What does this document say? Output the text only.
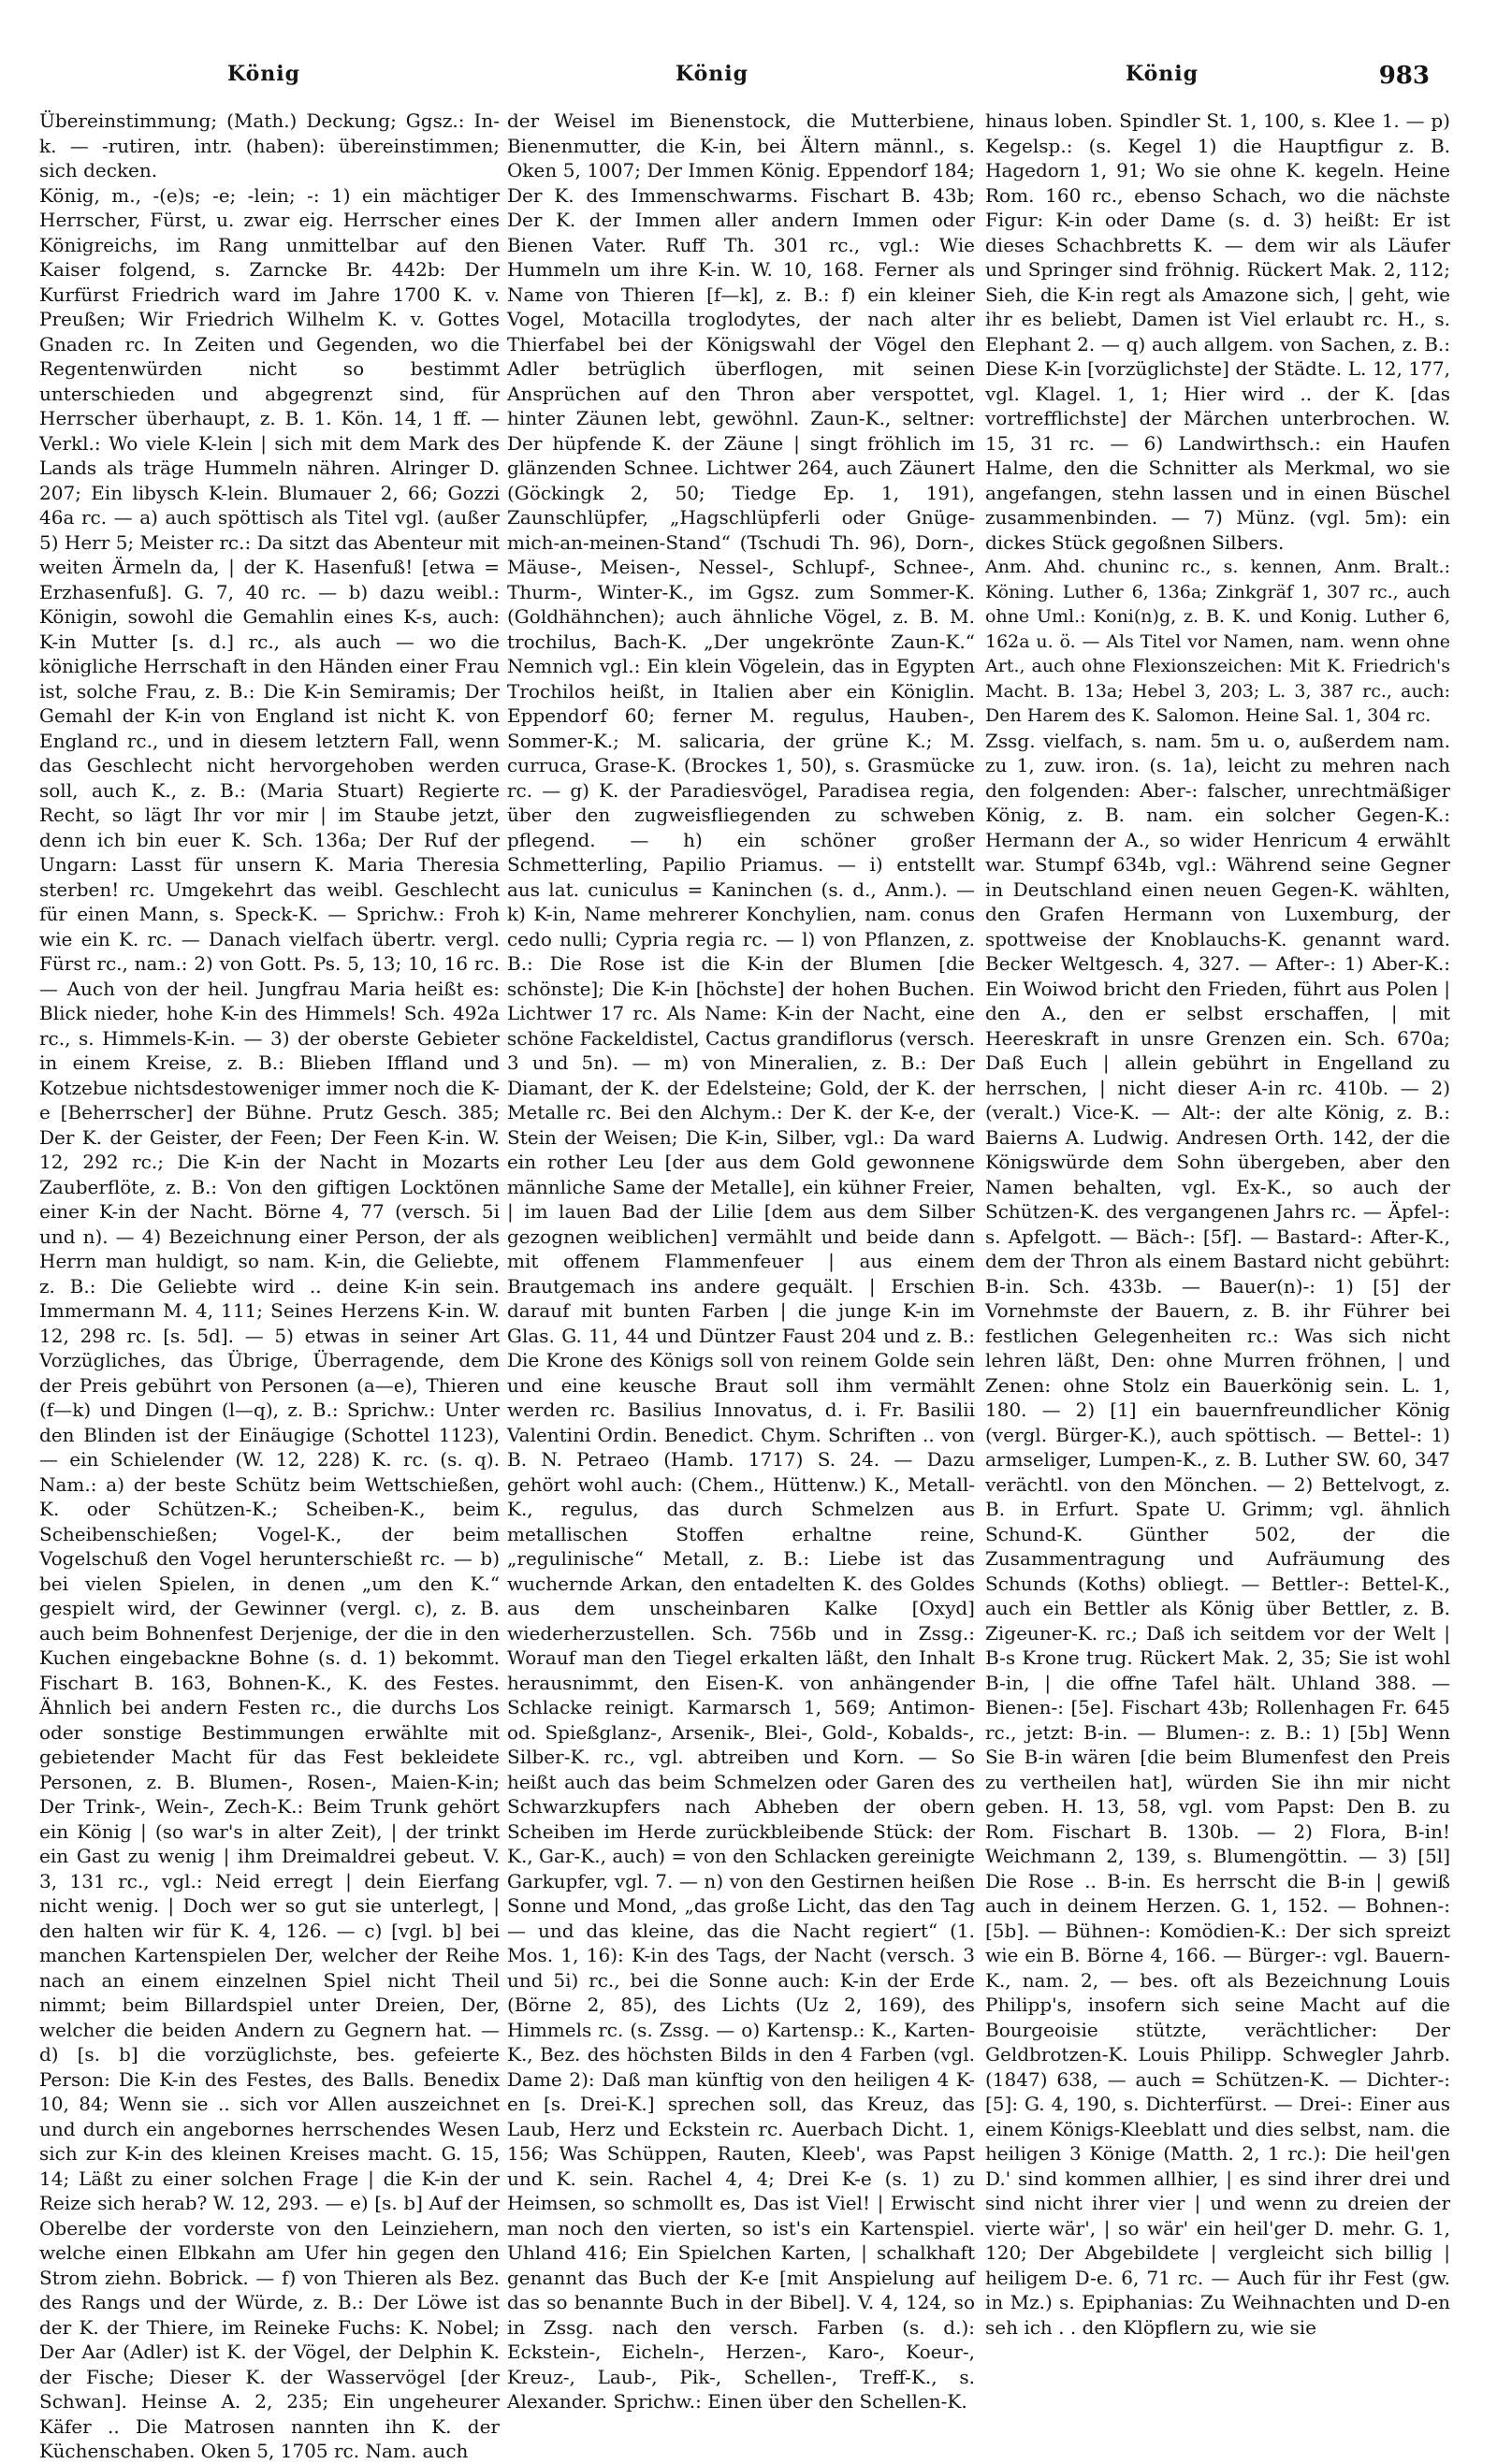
König	König	König	983

Übereinstimmung; (Math.) Deckung; Ggsz.: In-k. — -rutiren, intr. (haben): übereinstimmen; sich decken.

König, m., -(e)s; -e; -lein; -: 1) ein mächtiger Herrscher, Fürst, u. zwar eig. Herrscher eines Königreichs, im Rang unmittelbar auf den Kaiser folgend, s. Zarncke Br. 442b: Der Kurfürst Friedrich ward im Jahre 1700 K. v. Preußen; Wir Friedrich Wilhelm K. v. Gottes Gnaden rc. In Zeiten und Gegenden, wo die Regentenwürden nicht so bestimmt unterschieden und abgegrenzt sind, für Herrscher überhaupt, z. B. 1. Kön. 14, 1 ff. — Verkl.: Wo viele K-lein | sich mit dem Mark des Lands als träge Hummeln nähren. Alringer D. 207; Ein libysch K-lein. Blumauer 2, 66; Gozzi 46a rc. — a) auch spöttisch als Titel vgl. (außer 5) Herr 5; Meister rc.: Da sitzt das Abenteur mit weiten Ärmeln da, | der K. Hasenfuß! [etwa = Erzhasenfuß]. G. 7, 40 rc. — b) dazu weibl.: Königin, sowohl die Gemahlin eines K-s, auch: K-in Mutter [s. d.] rc., als auch — wo die königliche Herrschaft in den Händen einer Frau ist, solche Frau, z. B.: Die K-in Semiramis; Der Gemahl der K-in von England ist nicht K. von England rc., und in diesem letztern Fall, wenn das Geschlecht nicht hervorgehoben werden soll, auch K., z. B.: (Maria Stuart) Regierte Recht, so lägt Ihr vor mir | im Staube jetzt, denn ich bin euer K. Sch. 136a; Der Ruf der Ungarn: Lasst für unsern K. Maria Theresia sterben! rc. Umgekehrt das weibl. Geschlecht für einen Mann, s. Speck-K. — Sprichw.: Froh wie ein K. rc. — Danach vielfach übertr. vergl. Fürst rc., nam.: 2) von Gott. Ps. 5, 13; 10, 16 rc. — Auch von der heil. Jungfrau Maria heißt es: Blick nieder, hohe K-in des Himmels! Sch. 492a rc., s. Himmels-K-in. — 3) der oberste Gebieter in einem Kreise, z. B.: Blieben Iffland und Kotzebue nichtsdestoweniger immer noch die K-e [Beherrscher] der Bühne. Prutz Gesch. 385; Der K. der Geister, der Feen; Der Feen K-in. W. 12, 292 rc.; Die K-in der Nacht in Mozarts Zauberflöte, z. B.: Von den giftigen Locktönen einer K-in der Nacht. Börne 4, 77 (versch. 5i und n). — 4) Bezeichnung einer Person, der als Herrn man huldigt, so nam. K-in, die Geliebte, z. B.: Die Geliebte wird .. deine K-in sein. Immermann M. 4, 111; Seines Herzens K-in. W. 12, 298 rc. [s. 5d]. — 5) etwas in seiner Art Vorzügliches, das Übrige, Überragende, dem der Preis gebührt von Personen (a—e), Thieren (f—k) und Dingen (l—q), z. B.: Sprichw.: Unter den Blinden ist der Einäugige (Schottel 1123), — ein Schielender (W. 12, 228) K. rc. (s. q). Nam.: a) der beste Schütz beim Wettschießen, K. oder Schützen-K.; Scheiben-K., beim Scheibenschießen; Vogel-K., der beim Vogelschuß den Vogel herunterschießt rc. — b) bei vielen Spielen, in denen „um den K.“ gespielt wird, der Gewinner (vergl. c), z. B. auch beim Bohnenfest Derjenige, der die in den Kuchen eingebackne Bohne (s. d. 1) bekommt. Fischart B. 163, Bohnen-K., K. des Festes. Ähnlich bei andern Festen rc., die durchs Los oder sonstige Bestimmungen erwählte mit gebietender Macht für das Fest bekleidete Personen, z. B. Blumen-, Rosen-, Maien-K-in; Der Trink-, Wein-, Zech-K.: Beim Trunk gehört ein König | (so war's in alter Zeit), | der trinkt ein Gast zu wenig | ihm Dreimaldrei gebeut. V. 3, 131 rc., vgl.: Neid erregt | dein Eierfang nicht wenig. | Doch wer so gut sie unterlegt, | den halten wir für K. 4, 126. — c) [vgl. b] bei manchen Kartenspielen Der, welcher der Reihe nach an einem einzelnen Spiel nicht Theil nimmt; beim Billardspiel unter Dreien, Der, welcher die beiden Andern zu Gegnern hat. — d) [s. b] die vorzüglichste, bes. gefeierte Person: Die K-in des Festes, des Balls. Benedix 10, 84; Wenn sie .. sich vor Allen auszeichnet und durch ein angebornes herrschendes Wesen sich zur K-in des kleinen Kreises macht. G. 15, 14; Läßt zu einer solchen Frage | die K-in der Reize sich herab? W. 12, 293. — e) [s. b] Auf der Oberelbe der vorderste von den Leinziehern, welche einen Elbkahn am Ufer hin gegen den Strom ziehn. Bobrick. — f) von Thieren als Bez. des Rangs und der Würde, z. B.: Der Löwe ist der K. der Thiere, im Reineke Fuchs: K. Nobel; Der Aar (Adler) ist K. der Vögel, der Delphin K. der Fische; Dieser K. der Wasservögel [der Schwan]. Heinse A. 2, 235; Ein ungeheurer Käfer .. Die Matrosen nannten ihn K. der Küchenschaben. Oken 5, 1705 rc. Nam. auch

der Weisel im Bienenstock, die Mutterbiene, Bienenmutter, die K-in, bei Ältern männl., s. Oken 5, 1007; Der Immen König. Eppendorf 184; Der K. des Immenschwarms. Fischart B. 43b; Der K. der Immen aller andern Immen oder Bienen Vater. Ruff Th. 301 rc., vgl.: Wie Hummeln um ihre K-in. W. 10, 168. Ferner als Name von Thieren [f—k], z. B.: f) ein kleiner Vogel, Motacilla troglodytes, der nach alter Thierfabel bei der Königswahl der Vögel den Adler betrüglich überflogen, mit seinen Ansprüchen auf den Thron aber verspottet, hinter Zäunen lebt, gewöhnl. Zaun-K., seltner: Der hüpfende K. der Zäune | singt fröhlich im glänzenden Schnee. Lichtwer 264, auch Zäunert (Göckingk 2, 50; Tiedge Ep. 1, 191), Zaunschlüpfer, „Hagschlüpferli oder Gnüge-mich-an-meinen-Stand“ (Tschudi Th. 96), Dorn-, Mäuse-, Meisen-, Nessel-, Schlupf-, Schnee-, Thurm-, Winter-K., im Ggsz. zum Sommer-K. (Goldhähnchen); auch ähnliche Vögel, z. B. M. trochilus, Bach-K. „Der ungekrönte Zaun-K.“ Nemnich vgl.: Ein klein Vögelein, das in Egypten Trochilos heißt, in Italien aber ein Königlin. Eppendorf 60; ferner M. regulus, Hauben-, Sommer-K.; M. salicaria, der grüne K.; M. curruca, Grase-K. (Brockes 1, 50), s. Grasmücke rc. — g) K. der Paradiesvögel, Paradisea regia, über den zugweisfliegenden zu schweben pflegend. — h) ein schöner großer Schmetterling, Papilio Priamus. — i) entstellt aus lat. cuniculus = Kaninchen (s. d., Anm.). — k) K-in, Name mehrerer Konchylien, nam. conus cedo nulli; Cypria regia rc. — l) von Pflanzen, z. B.: Die Rose ist die K-in der Blumen [die schönste]; Die K-in [höchste] der hohen Buchen. Lichtwer 17 rc. Als Name: K-in der Nacht, eine schöne Fackeldistel, Cactus grandiflorus (versch. 3 und 5n). — m) von Mineralien, z. B.: Der Diamant, der K. der Edelsteine; Gold, der K. der Metalle rc. Bei den Alchym.: Der K. der K-e, der Stein der Weisen; Die K-in, Silber, vgl.: Da ward ein rother Leu [der aus dem Gold gewonnene männliche Same der Metalle], ein kühner Freier, | im lauen Bad der Lilie [dem aus dem Silber gezognen weiblichen] vermählt und beide dann mit offenem Flammenfeuer | aus einem Brautgemach ins andere gequält. | Erschien darauf mit bunten Farben | die junge K-in im Glas. G. 11, 44 und Düntzer Faust 204 und z. B.: Die Krone des Königs soll von reinem Golde sein und eine keusche Braut soll ihm vermählt werden rc. Basilius Innovatus, d. i. Fr. Basilii Valentini Ordin. Benedict. Chym. Schriften .. von B. N. Petraeo (Hamb. 1717) S. 24. — Dazu gehört wohl auch: (Chem., Hüttenw.) K., Metall-K., regulus, das durch Schmelzen aus metallischen Stoffen erhaltne reine, „regulinische“ Metall, z. B.: Liebe ist das wuchernde Arkan, den entadelten K. des Goldes aus dem unscheinbaren Kalke [Oxyd] wiederherzustellen. Sch. 756b und in Zssg.: Worauf man den Tiegel erkalten läßt, den Inhalt herausnimmt, den Eisen-K. von anhängender Schlacke reinigt. Karmarsch 1, 569; Antimon- od. Spießglanz-, Arsenik-, Blei-, Gold-, Kobalds-, Silber-K. rc., vgl. abtreiben und Korn. — So heißt auch das beim Schmelzen oder Garen des Schwarzkupfers nach Abheben der obern Scheiben im Herde zurückbleibende Stück: der K., Gar-K., auch) = von den Schlacken gereinigte Garkupfer, vgl. 7. — n) von den Gestirnen heißen Sonne und Mond, „das große Licht, das den Tag — und das kleine, das die Nacht regiert“ (1. Mos. 1, 16): K-in des Tags, der Nacht (versch. 3 und 5i) rc., bei die Sonne auch: K-in der Erde (Börne 2, 85), des Lichts (Uz 2, 169), des Himmels rc. (s. Zssg. — o) Kartensp.: K., Karten-K., Bez. des höchsten Bilds in den 4 Farben (vgl. Dame 2): Daß man künftig von den heiligen 4 K-en [s. Drei-K.] sprechen soll, das Kreuz, das Laub, Herz und Eckstein rc. Auerbach Dicht. 1, 156; Was Schüppen, Rauten, Kleeb', was Papst und K. sein. Rachel 4, 4; Drei K-e (s. 1) zu Heimsen, so schmollt es, Das ist Viel! | Erwischt man noch den vierten, so ist's ein Kartenspiel. Uhland 416; Ein Spielchen Karten, | schalkhaft genannt das Buch der K-e [mit Anspielung auf das so benannte Buch in der Bibel]. V. 4, 124, so in Zssg. nach den versch. Farben (s. d.): Eckstein-, Eicheln-, Herzen-, Karo-, Koeur-, Kreuz-, Laub-, Pik-, Schellen-, Treff-K., s. Alexander. Sprichw.: Einen über den Schellen-K.

hinaus loben. Spindler St. 1, 100, s. Klee 1. — p) Kegelsp.: (s. Kegel 1) die Hauptfigur z. B. Hagedorn 1, 91; Wo sie ohne K. kegeln. Heine Rom. 160 rc., ebenso Schach, wo die nächste Figur: K-in oder Dame (s. d. 3) heißt: Er ist dieses Schachbretts K. — dem wir als Läufer und Springer sind fröhnig. Rückert Mak. 2, 112; Sieh, die K-in regt als Amazone sich, | geht, wie ihr es beliebt, Damen ist Viel erlaubt rc. H., s. Elephant 2. — q) auch allgem. von Sachen, z. B.: Diese K-in [vorzüglichste] der Städte. L. 12, 177, vgl. Klagel. 1, 1; Hier wird .. der K. [das vortrefflichste] der Märchen unterbrochen. W. 15, 31 rc. — 6) Landwirthsch.: ein Haufen Halme, den die Schnitter als Merkmal, wo sie angefangen, stehn lassen und in einen Büschel zusammenbinden. — 7) Münz. (vgl. 5m): ein dickes Stück gegoßnen Silbers.

Anm. Ahd. chuninc rc., s. kennen, Anm. Bralt.: Köning. Luther 6, 136a; Zinkgräf 1, 307 rc., auch ohne Uml.: Koni(n)g, z. B. K. und Konig. Luther 6, 162a u. ö. — Als Titel vor Namen, nam. wenn ohne Art., auch ohne Flexionszeichen: Mit K. Friedrich's Macht. B. 13a; Hebel 3, 203; L. 3, 387 rc., auch: Den Harem des K. Salomon. Heine Sal. 1, 304 rc.

Zssg. vielfach, s. nam. 5m u. o, außerdem nam. zu 1, zuw. iron. (s. 1a), leicht zu mehren nach den folgenden: Aber-: falscher, unrechtmäßiger König, z. B. nam. ein solcher Gegen-K.: Hermann der A., so wider Henricum 4 erwählt war. Stumpf 634b, vgl.: Während seine Gegner in Deutschland einen neuen Gegen-K. wählten, den Grafen Hermann von Luxemburg, der spottweise der Knoblauchs-K. genannt ward. Becker Weltgesch. 4, 327. — After-: 1) Aber-K.: Ein Woiwod bricht den Frieden, führt aus Polen | den A., den er selbst erschaffen, | mit Heereskraft in unsre Grenzen ein. Sch. 670a; Daß Euch | allein gebührt in Engelland zu herrschen, | nicht dieser A-in rc. 410b. — 2) (veralt.) Vice-K. — Alt-: der alte König, z. B.: Baierns A. Ludwig. Andresen Orth. 142, der die Königswürde dem Sohn übergeben, aber den Namen behalten, vgl. Ex-K., so auch der Schützen-K. des vergangenen Jahrs rc. — Äpfel-: s. Apfelgott. — Bäch-: [5f]. — Bastard-: After-K., dem der Thron als einem Bastard nicht gebührt: B-in. Sch. 433b. — Bauer(n)-: 1) [5] der Vornehmste der Bauern, z. B. ihr Führer bei festlichen Gelegenheiten rc.: Was sich nicht lehren läßt, Den: ohne Murren fröhnen, | und Zenen: ohne Stolz ein Bauerkönig sein. L. 1, 180. — 2) [1] ein bauernfreundlicher König (vergl. Bürger-K.), auch spöttisch. — Bettel-: 1) armseliger, Lumpen-K., z. B. Luther SW. 60, 347 verächtl. von den Mönchen. — 2) Bettelvogt, z. B. in Erfurt. Spate U. Grimm; vgl. ähnlich Schund-K. Günther 502, der die Zusammentragung und Aufräumung des Schunds (Koths) obliegt. — Bettler-: Bettel-K., auch ein Bettler als König über Bettler, z. B. Zigeuner-K. rc.; Daß ich seitdem vor der Welt | B-s Krone trug. Rückert Mak. 2, 35; Sie ist wohl B-in, | die offne Tafel hält. Uhland 388. — Bienen-: [5e]. Fischart 43b; Rollenhagen Fr. 645 rc., jetzt: B-in. — Blumen-: z. B.: 1) [5b] Wenn Sie B-in wären [die beim Blumenfest den Preis zu vertheilen hat], würden Sie ihn mir nicht geben. H. 13, 58, vgl. vom Papst: Den B. zu Rom. Fischart B. 130b. — 2) Flora, B-in! Weichmann 2, 139, s. Blumengöttin. — 3) [5l] Die Rose .. B-in. Es herrscht die B-in | gewiß auch in deinem Herzen. G. 1, 152. — Bohnen-: [5b]. — Bühnen-: Komödien-K.: Der sich spreizt wie ein B. Börne 4, 166. — Bürger-: vgl. Bauern-K., nam. 2, — bes. oft als Bezeichnung Louis Philipp's, insofern sich seine Macht auf die Bourgeoisie stützte, verächtlicher: Der Geldbrotzen-K. Louis Philipp. Schwegler Jahrb. (1847) 638, — auch = Schützen-K. — Dichter-: [5]: G. 4, 190, s. Dichterfürst. — Drei-: Einer aus einem Königs-Kleeblatt und dies selbst, nam. die heiligen 3 Könige (Matth. 2, 1 rc.): Die heil'gen D.' sind kommen allhier, | es sind ihrer drei und sind nicht ihrer vier | und wenn zu dreien der vierte wär', | so wär' ein heil'ger D. mehr. G. 1, 120; Der Abgebildete | vergleicht sich billig | heiligem D-e. 6, 71 rc. — Auch für ihr Fest (gw. in Mz.) s. Epiphanias: Zu Weihnachten und D-en seh ich . . den Klöpflern zu, wie sie
